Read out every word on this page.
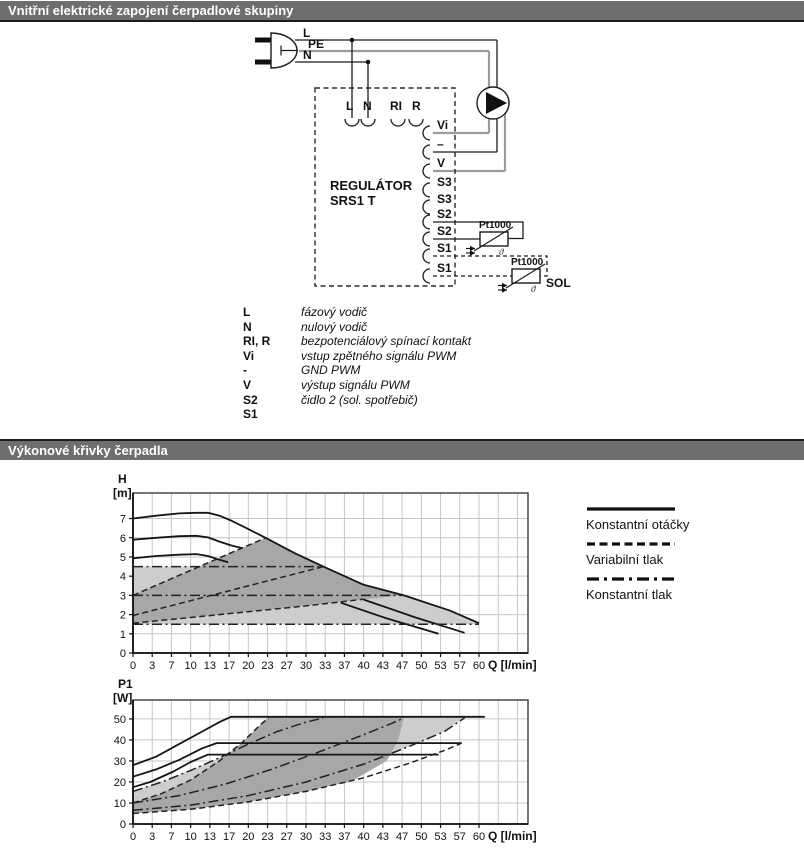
Vnitřní elektrické zapojení čerpadlové skupiny
L
PE
N
REGULÁTOR
SRS1 T
L N RI R
Vi
–
V
S3
S3
S2
S2
S1
S1
Pt1000
ϑ
Pt1000
ϑ SOL
L	fázový vodič
N	nulový vodič
RI, R	bezpotenciálový spínací kontakt
Vi	vstup zpětného signálu PWM
-	GND PWM
V	výstup signálu PWM
S2	čidlo 2 (sol. spotřebič)
S1
Výkonové křivky čerpadla
0 3 7 10 13 17 20 23 27 30 33 37 40 43 47 50 53 57 60
0
1
2
3
4
5
6
7
Q [l/min]
H
[m]
Konstantní otáčky
Variabilní tlak
Konstantní tlak
0 3 7 10 13 17 20 23 27 30 33 37 40 43 47 50 53 57 60
0
10
20
30
40
50
Q [l/min]
P1
[W]
